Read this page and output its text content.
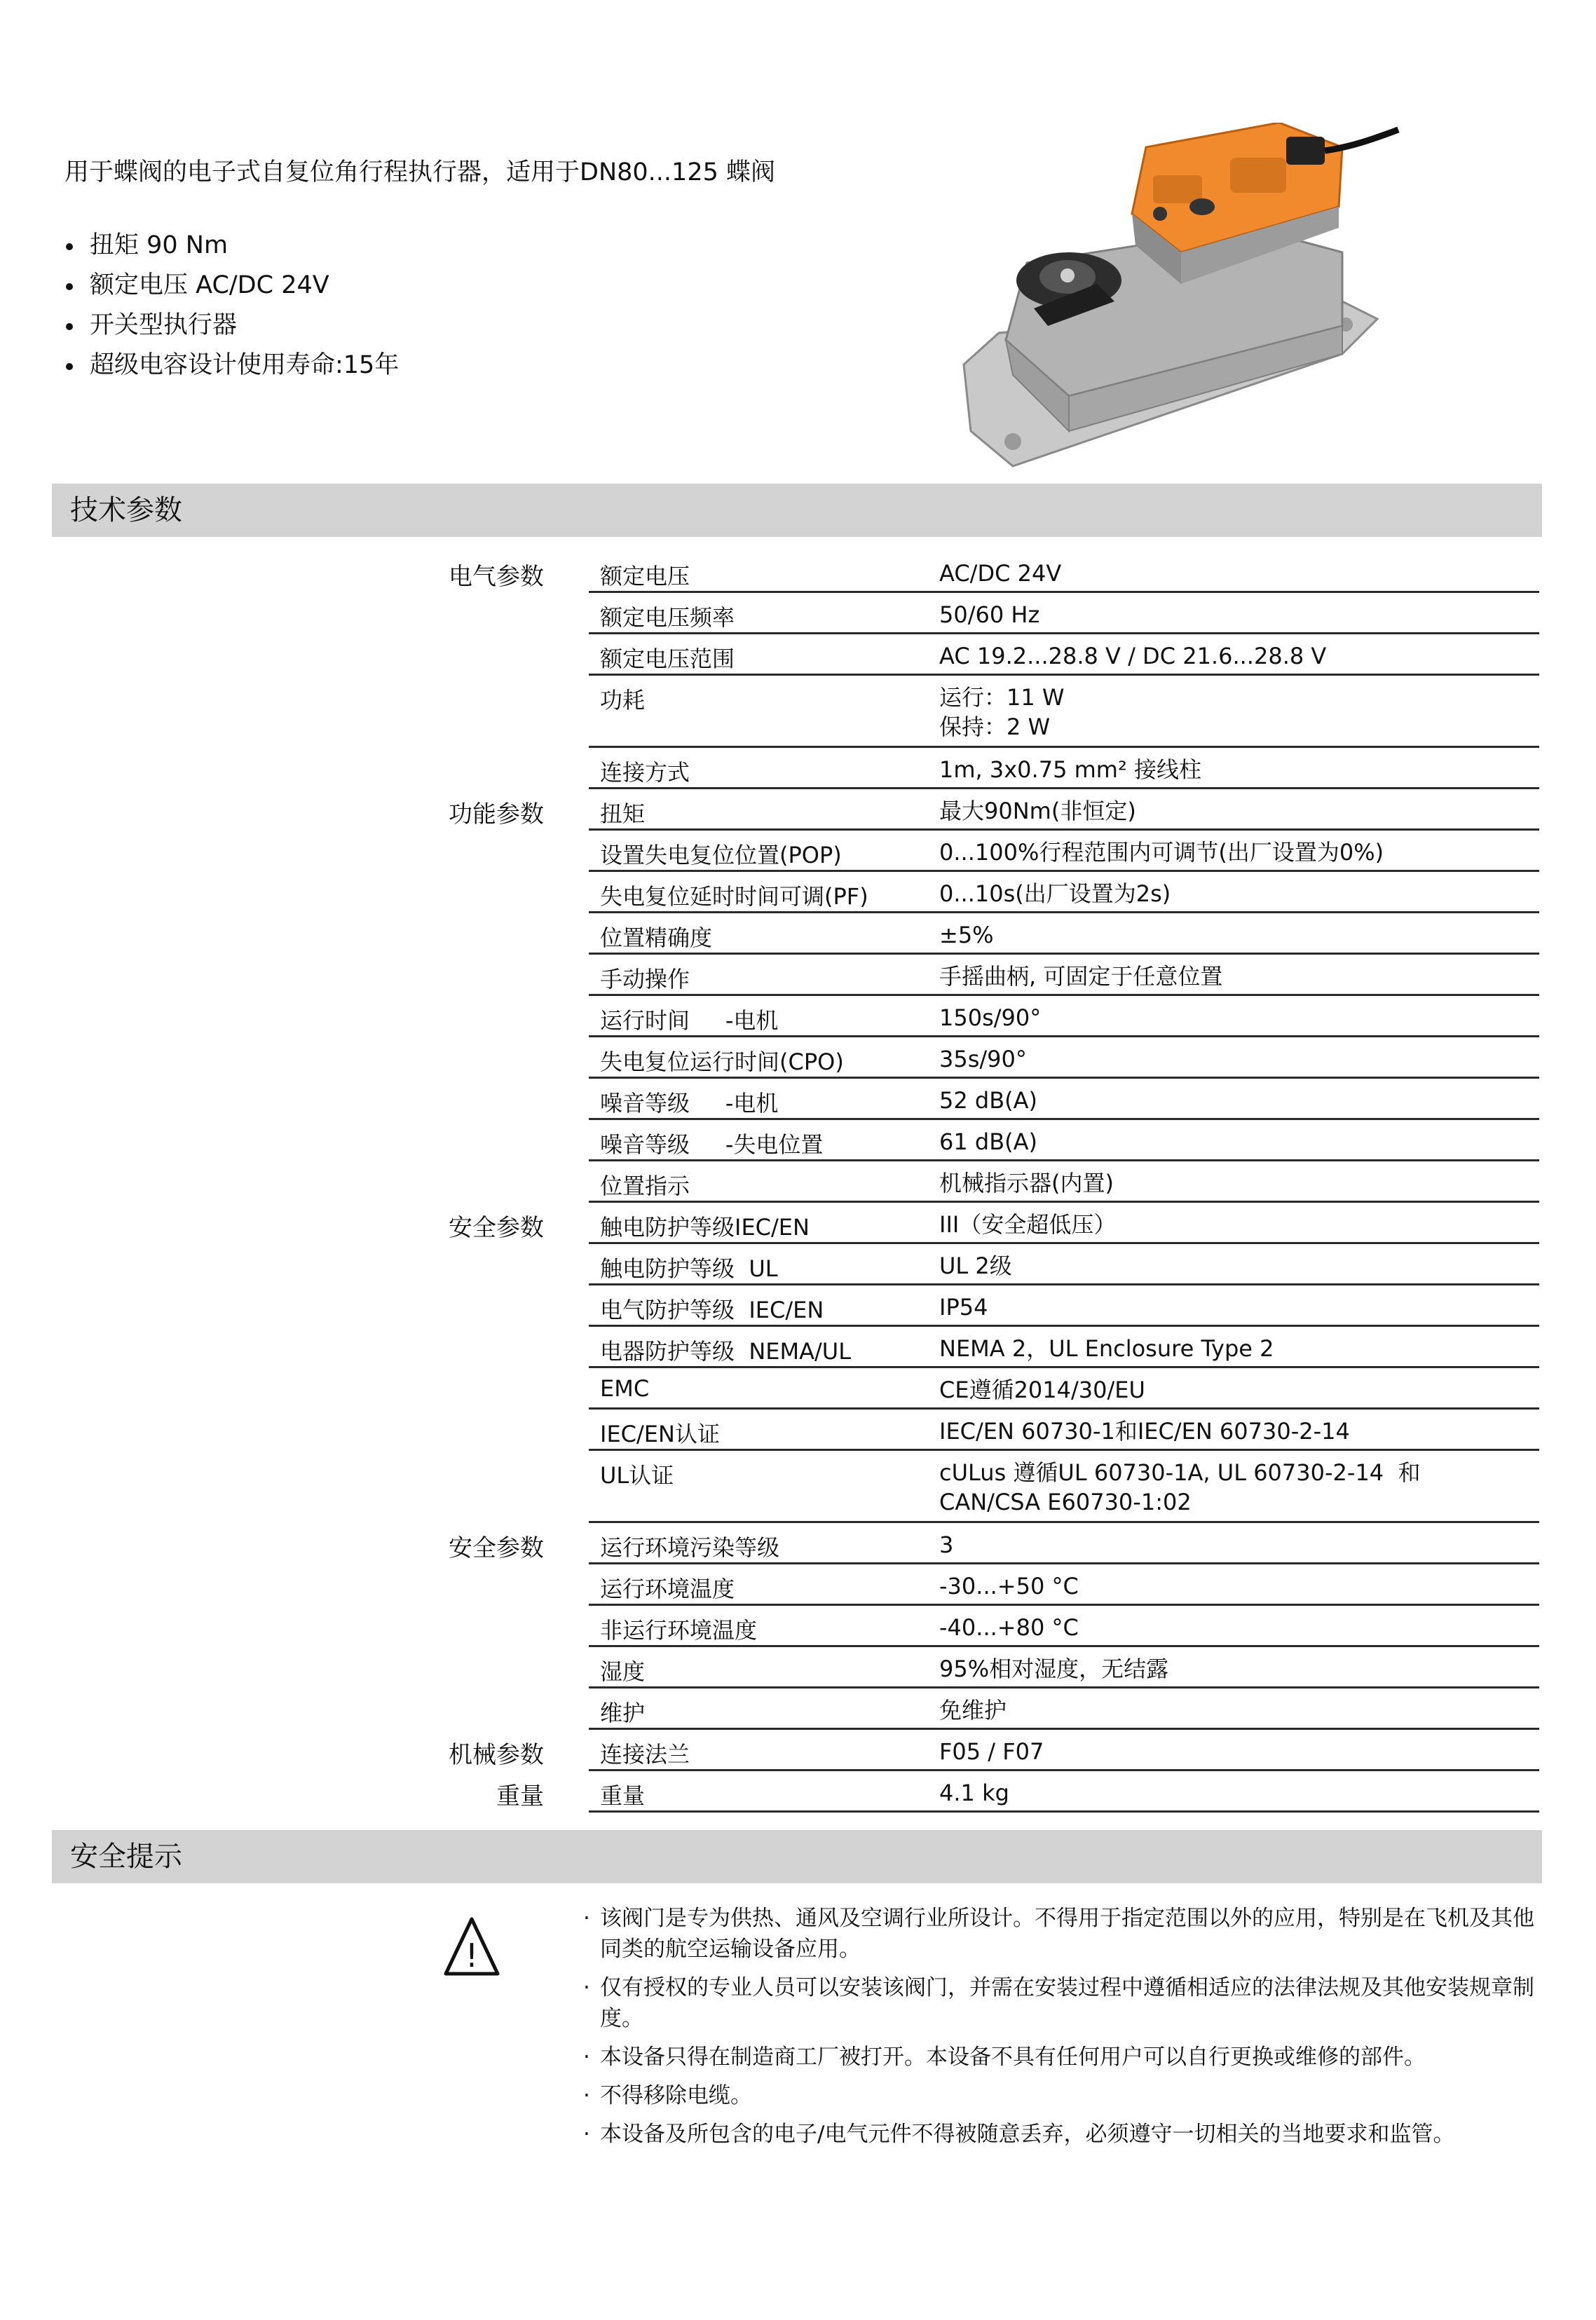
用于蝶阀的电子式自复位角行程执行器，适用于DN80...125 蝶阀
扭矩 90 Nm
额定电压 AC/DC 24V
开关型执行器
超级电容设计使用寿命:15年
技术参数
电气参数	额定电压	AC/DC 24V
额定电压频率	50/60 Hz
额定电压范围	AC 19.2...28.8 V / DC 21.6...28.8 V
功耗	运行：11 W
保持：2 W
连接方式	1m, 3x0.75 mm² 接线柱
功能参数	扭矩	最大90Nm(非恒定)
设置失电复位位置(POP)	0...100%行程范围内可调节(出厂设置为0%)
失电复位延时时间可调(PF)	0...10s(出厂设置为2s)
位置精确度	±5%
手动操作	手摇曲柄, 可固定于任意位置
运行时间     -电机	150s/90°
失电复位运行时间(CPO)	35s/90°
噪音等级     -电机	52 dB(A)
噪音等级     -失电位置	61 dB(A)
位置指示	机械指示器(内置)
安全参数	触电防护等级IEC/EN	III（安全超低压）
触电防护等级  UL	UL 2级
电气防护等级  IEC/EN	IP54
电器防护等级  NEMA/UL	NEMA 2，UL Enclosure Type 2
EMC	CE遵循2014/30/EU
IEC/EN认证	IEC/EN 60730-1和IEC/EN 60730-2-14
UL认证	cULus 遵循UL 60730-1A, UL 60730-2-14  和
CAN/CSA E60730-1:02
安全参数	运行环境污染等级	3
运行环境温度	-30...+50 °C
非运行环境温度	-40...+80 °C
湿度	95%相对湿度，无结露
维护	免维护
机械参数	连接法兰	F05 / F07
重量	重量	4.1 kg
安全提示
!
· 该阀门是专为供热、通风及空调行业所设计。不得用于指定范围以外的应用，特别是在飞机及其他同类的航空运输设备应用。
· 仅有授权的专业人员可以安装该阀门，并需在安装过程中遵循相适应的法律法规及其他安装规章制度。
· 本设备只得在制造商工厂被打开。本设备不具有任何用户可以自行更换或维修的部件。
· 不得移除电缆。
· 本设备及所包含的电子/电气元件不得被随意丢弃，必须遵守一切相关的当地要求和监管。
